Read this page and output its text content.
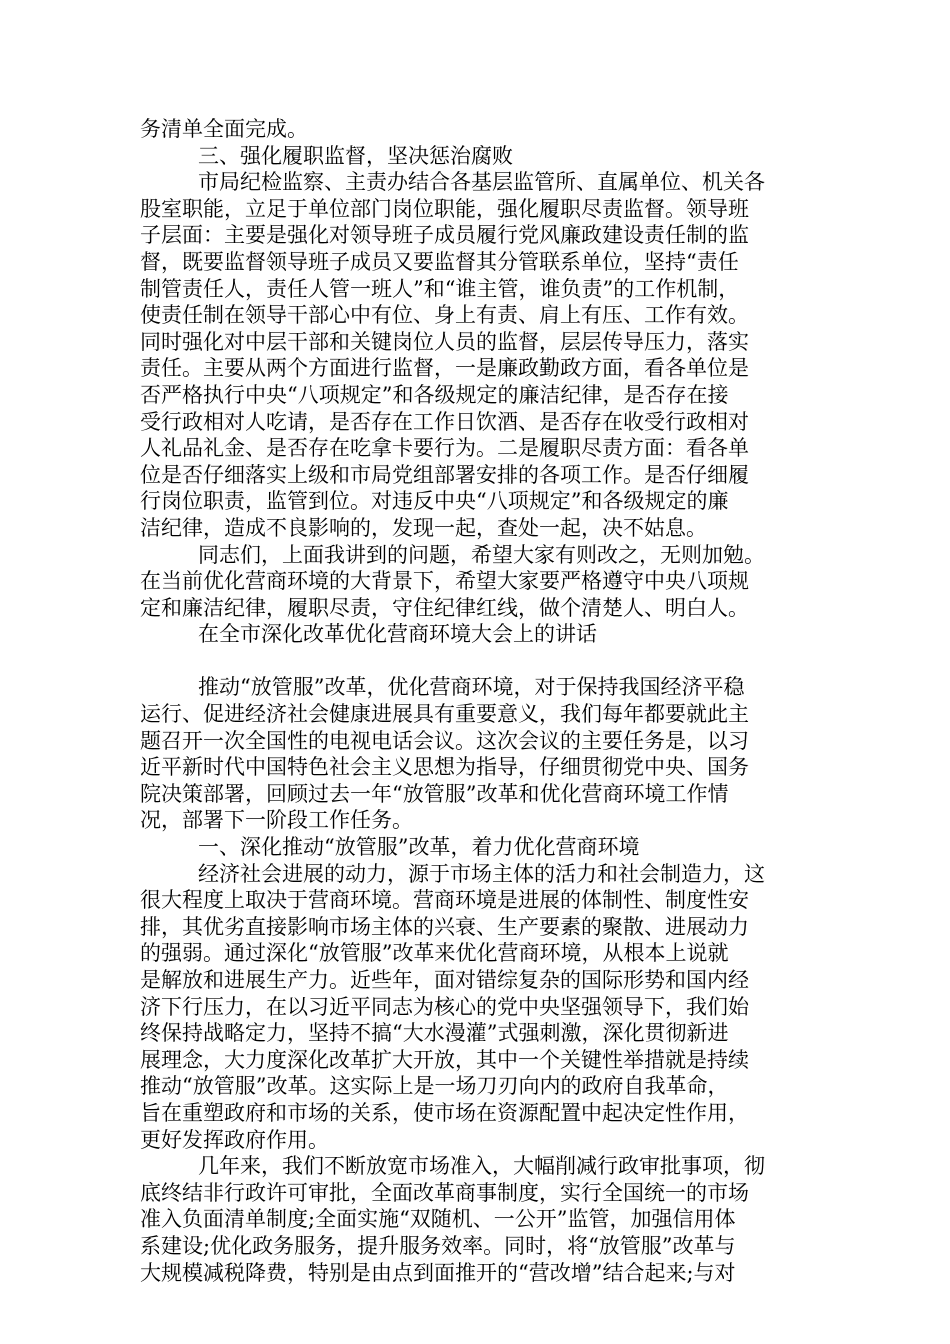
务清单全面完成。
三、强化履职监督，坚决惩治腐败
市局纪检监察、主责办结合各基层监管所、直属单位、机关各
股室职能，立足于单位部门岗位职能，强化履职尽责监督。领导班
子层面：主要是强化对领导班子成员履行党风廉政建设责任制的监
督，既要监督领导班子成员又要监督其分管联系单位，坚持“责任
制管责任人，责任人管一班人”和“谁主管，谁负责”的工作机制，
使责任制在领导干部心中有位、身上有责、肩上有压、工作有效。
同时强化对中层干部和关键岗位人员的监督，层层传导压力，落实
责任。主要从两个方面进行监督，一是廉政勤政方面，看各单位是
否严格执行中央“八项规定”和各级规定的廉洁纪律，是否存在接
受行政相对人吃请，是否存在工作日饮酒、是否存在收受行政相对
人礼品礼金、是否存在吃拿卡要行为。二是履职尽责方面：看各单
位是否仔细落实上级和市局党组部署安排的各项工作。是否仔细履
行岗位职责，监管到位。对违反中央“八项规定”和各级规定的廉
洁纪律，造成不良影响的，发现一起，查处一起，决不姑息。
同志们，上面我讲到的问题，希望大家有则改之，无则加勉。
在当前优化营商环境的大背景下，希望大家要严格遵守中央八项规
定和廉洁纪律，履职尽责，守住纪律红线，做个清楚人、明白人。
在全市深化改革优化营商环境大会上的讲话
推动“放管服”改革，优化营商环境，对于保持我国经济平稳
运行、促进经济社会健康进展具有重要意义，我们每年都要就此主
题召开一次全国性的电视电话会议。这次会议的主要任务是，以习
近平新时代中国特色社会主义思想为指导，仔细贯彻党中央、国务
院决策部署，回顾过去一年“放管服”改革和优化营商环境工作情
况，部署下一阶段工作任务。
一、深化推动“放管服”改革，着力优化营商环境
经济社会进展的动力，源于市场主体的活力和社会制造力，这
很大程度上取决于营商环境。营商环境是进展的体制性、制度性安
排，其优劣直接影响市场主体的兴衰、生产要素的聚散、进展动力
的强弱。通过深化“放管服”改革来优化营商环境，从根本上说就
是解放和进展生产力。近些年，面对错综复杂的国际形势和国内经
济下行压力，在以习近平同志为核心的党中央坚强领导下，我们始
终保持战略定力，坚持不搞“大水漫灌”式强刺激，深化贯彻新进
展理念，大力度深化改革扩大开放，其中一个关键性举措就是持续
推动“放管服”改革。这实际上是一场刀刃向内的政府自我革命，
旨在重塑政府和市场的关系，使市场在资源配置中起决定性作用，
更好发挥政府作用。
几年来，我们不断放宽市场准入，大幅削减行政审批事项，彻
底终结非行政许可审批，全面改革商事制度，实行全国统一的市场
准入负面清单制度;全面实施“双随机、一公开”监管，加强信用体
系建设;优化政务服务，提升服务效率。同时，将“放管服”改革与
大规模减税降费，特别是由点到面推开的“营改增”结合起来;与对
